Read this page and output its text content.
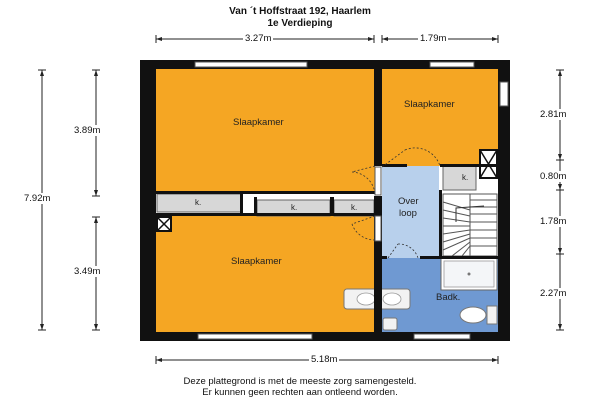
Van ´t Hoffstraat 192, Haarlem
1e Verdieping
3.27m	1.79m
5.18m
7.92m
3.89m
3.49m
2.81m
0.80m
1.78m
2.27m
Slaapkamer
Slaapkamer
Slaapkamer
Over
loop
Badk.
k.
k.	k.
k.
Deze plattegrond is met de meeste zorg samengesteld.
Er kunnen geen rechten aan ontleend worden.
